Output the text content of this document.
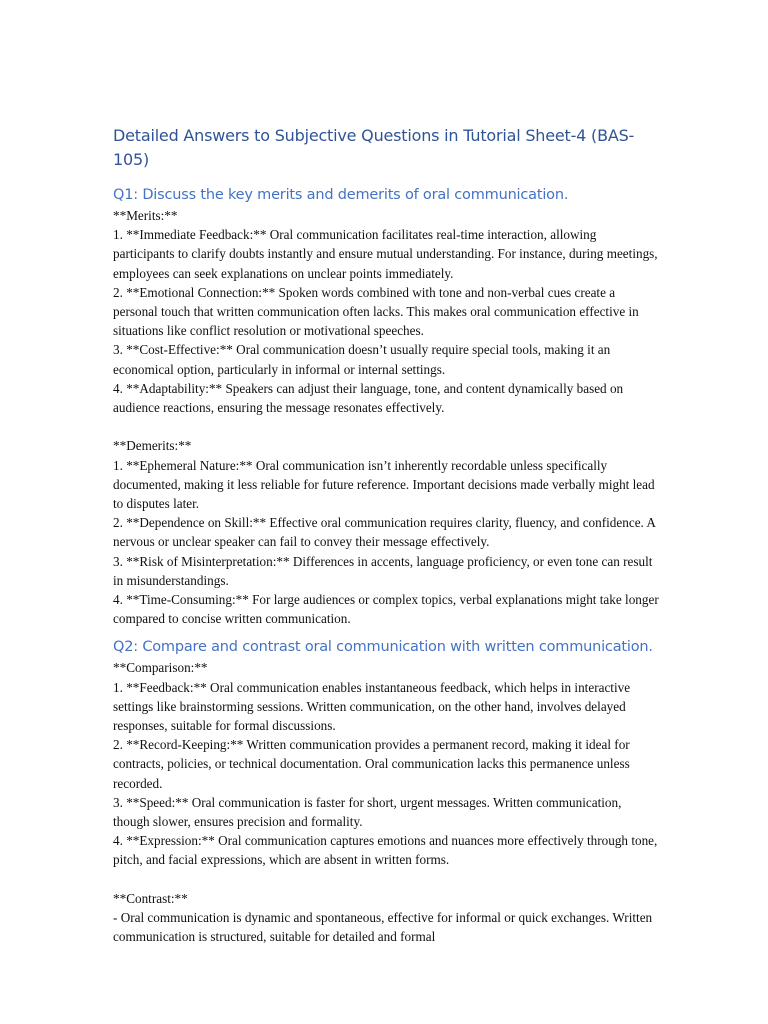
Detailed Answers to Subjective Questions in Tutorial Sheet-4 (BAS-105)
Q1: Discuss the key merits and demerits of oral communication.

**Merits:**

1. **Immediate Feedback:** Oral communication facilitates real-time interaction, allowing participants to clarify doubts instantly and ensure mutual understanding. For instance, during meetings, employees can seek explanations on unclear points immediately.

2. **Emotional Connection:** Spoken words combined with tone and non-verbal cues create a personal touch that written communication often lacks. This makes oral communication effective in situations like conflict resolution or motivational speeches.

3. **Cost-Effective:** Oral communication doesn’t usually require special tools, making it an economical option, particularly in informal or internal settings.

4. **Adaptability:** Speakers can adjust their language, tone, and content dynamically based on audience reactions, ensuring the message resonates effectively.

**Demerits:**

1. **Ephemeral Nature:** Oral communication isn’t inherently recordable unless specifically documented, making it less reliable for future reference. Important decisions made verbally might lead to disputes later.

2. **Dependence on Skill:** Effective oral communication requires clarity, fluency, and confidence. A nervous or unclear speaker can fail to convey their message effectively.

3. **Risk of Misinterpretation:** Differences in accents, language proficiency, or even tone can result in misunderstandings.

4. **Time-Consuming:** For large audiences or complex topics, verbal explanations might take longer compared to concise written communication.

Q2: Compare and contrast oral communication with written communication.

**Comparison:**

1. **Feedback:** Oral communication enables instantaneous feedback, which helps in interactive settings like brainstorming sessions. Written communication, on the other hand, involves delayed responses, suitable for formal discussions.

2. **Record-Keeping:** Written communication provides a permanent record, making it ideal for contracts, policies, or technical documentation. Oral communication lacks this permanence unless recorded.

3. **Speed:** Oral communication is faster for short, urgent messages. Written communication, though slower, ensures precision and formality.

4. **Expression:** Oral communication captures emotions and nuances more effectively through tone, pitch, and facial expressions, which are absent in written forms.

**Contrast:**

- Oral communication is dynamic and spontaneous, effective for informal or quick exchanges. Written communication is structured, suitable for detailed and formal
